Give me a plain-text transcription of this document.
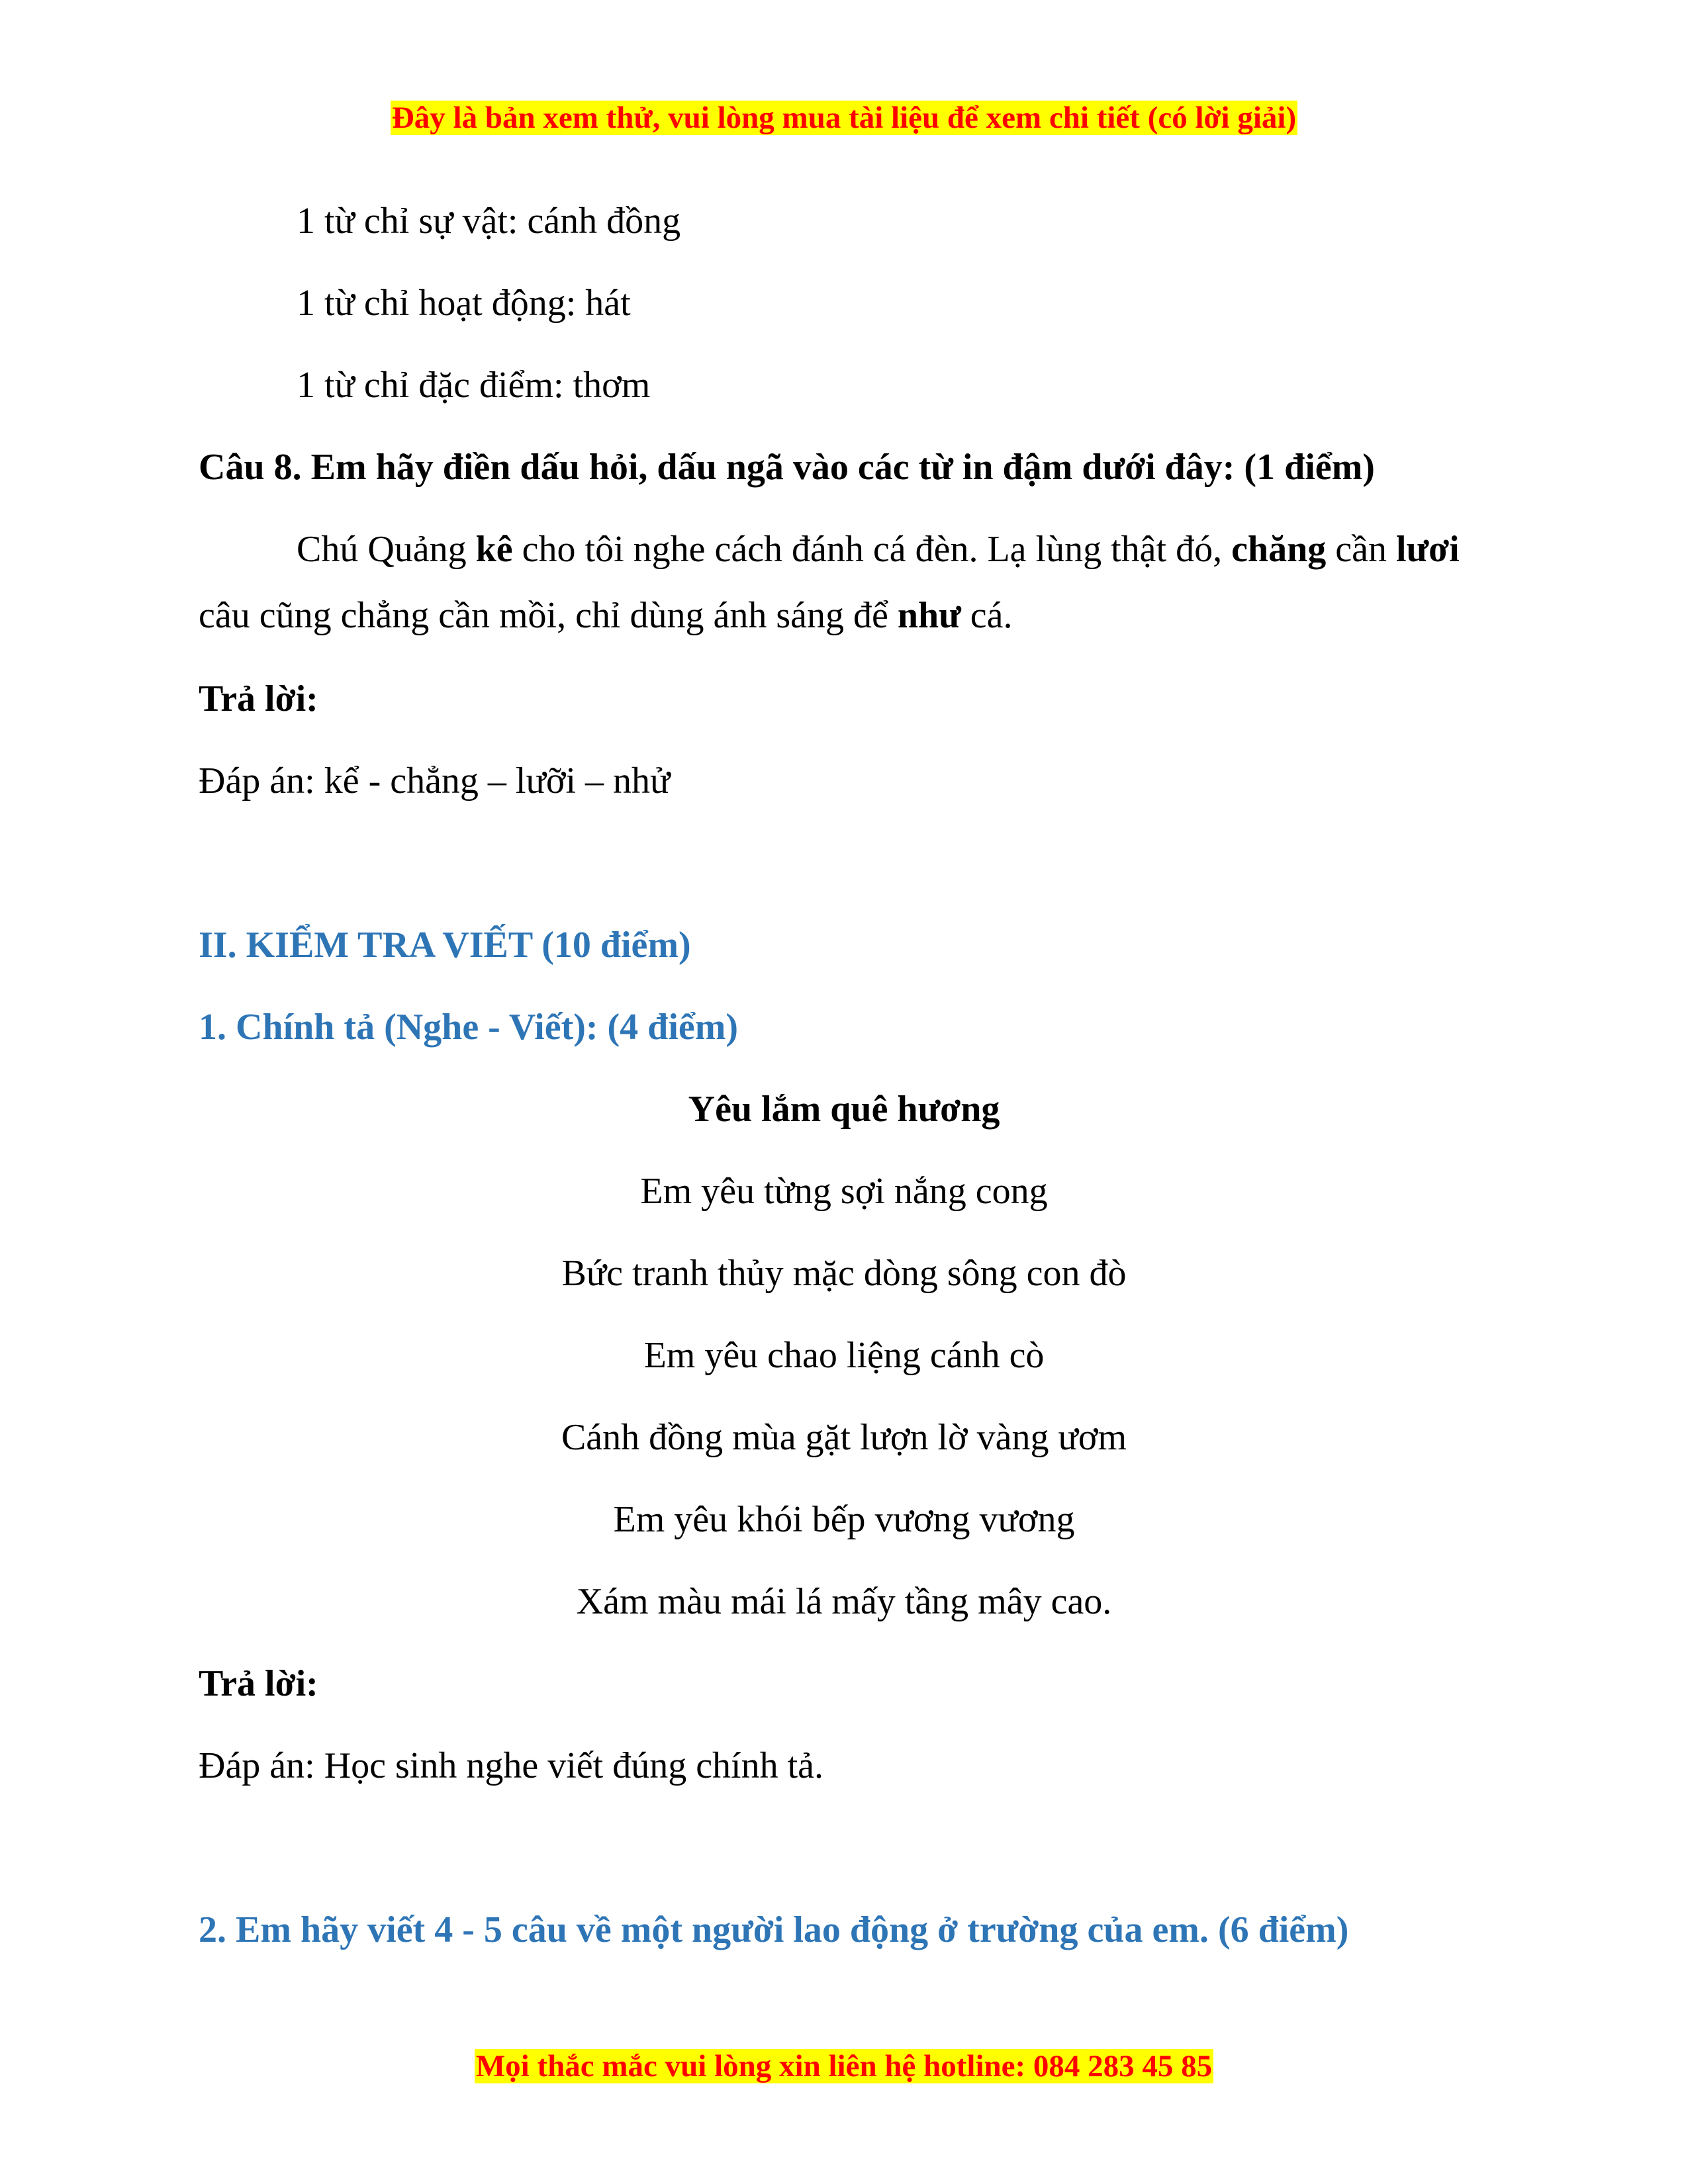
Đây là bản xem thử, vui lòng mua tài liệu để xem chi tiết (có lời giải)
1 từ chỉ sự vật: cánh đồng
1 từ chỉ hoạt động: hát
1 từ chỉ đặc điểm: thơm
Câu 8. Em hãy điền dấu hỏi, dấu ngã vào các từ in đậm dưới đây: (1 điểm)
Chú Quảng kê cho tôi nghe cách đánh cá đèn. Lạ lùng thật đó, chăng cần lươi câu cũng chẳng cần mồi, chỉ dùng ánh sáng để như cá.
Trả lời:
Đáp án: kể - chẳng – lưỡi – nhử
II. KIỂM TRA VIẾT (10 điểm)
1. Chính tả (Nghe - Viết): (4 điểm)
Yêu lắm quê hương
Em yêu từng sợi nắng cong
Bức tranh thủy mặc dòng sông con đò
Em yêu chao liệng cánh cò
Cánh đồng mùa gặt lượn lờ vàng ươm
Em yêu khói bếp vương vương
Xám màu mái lá mấy tầng mây cao.
Trả lời:
Đáp án: Học sinh nghe viết đúng chính tả.
2. Em hãy viết 4 - 5 câu về một người lao động ở trường của em. (6 điểm)
Mọi thắc mắc vui lòng xin liên hệ hotline: 084 283 45 85
